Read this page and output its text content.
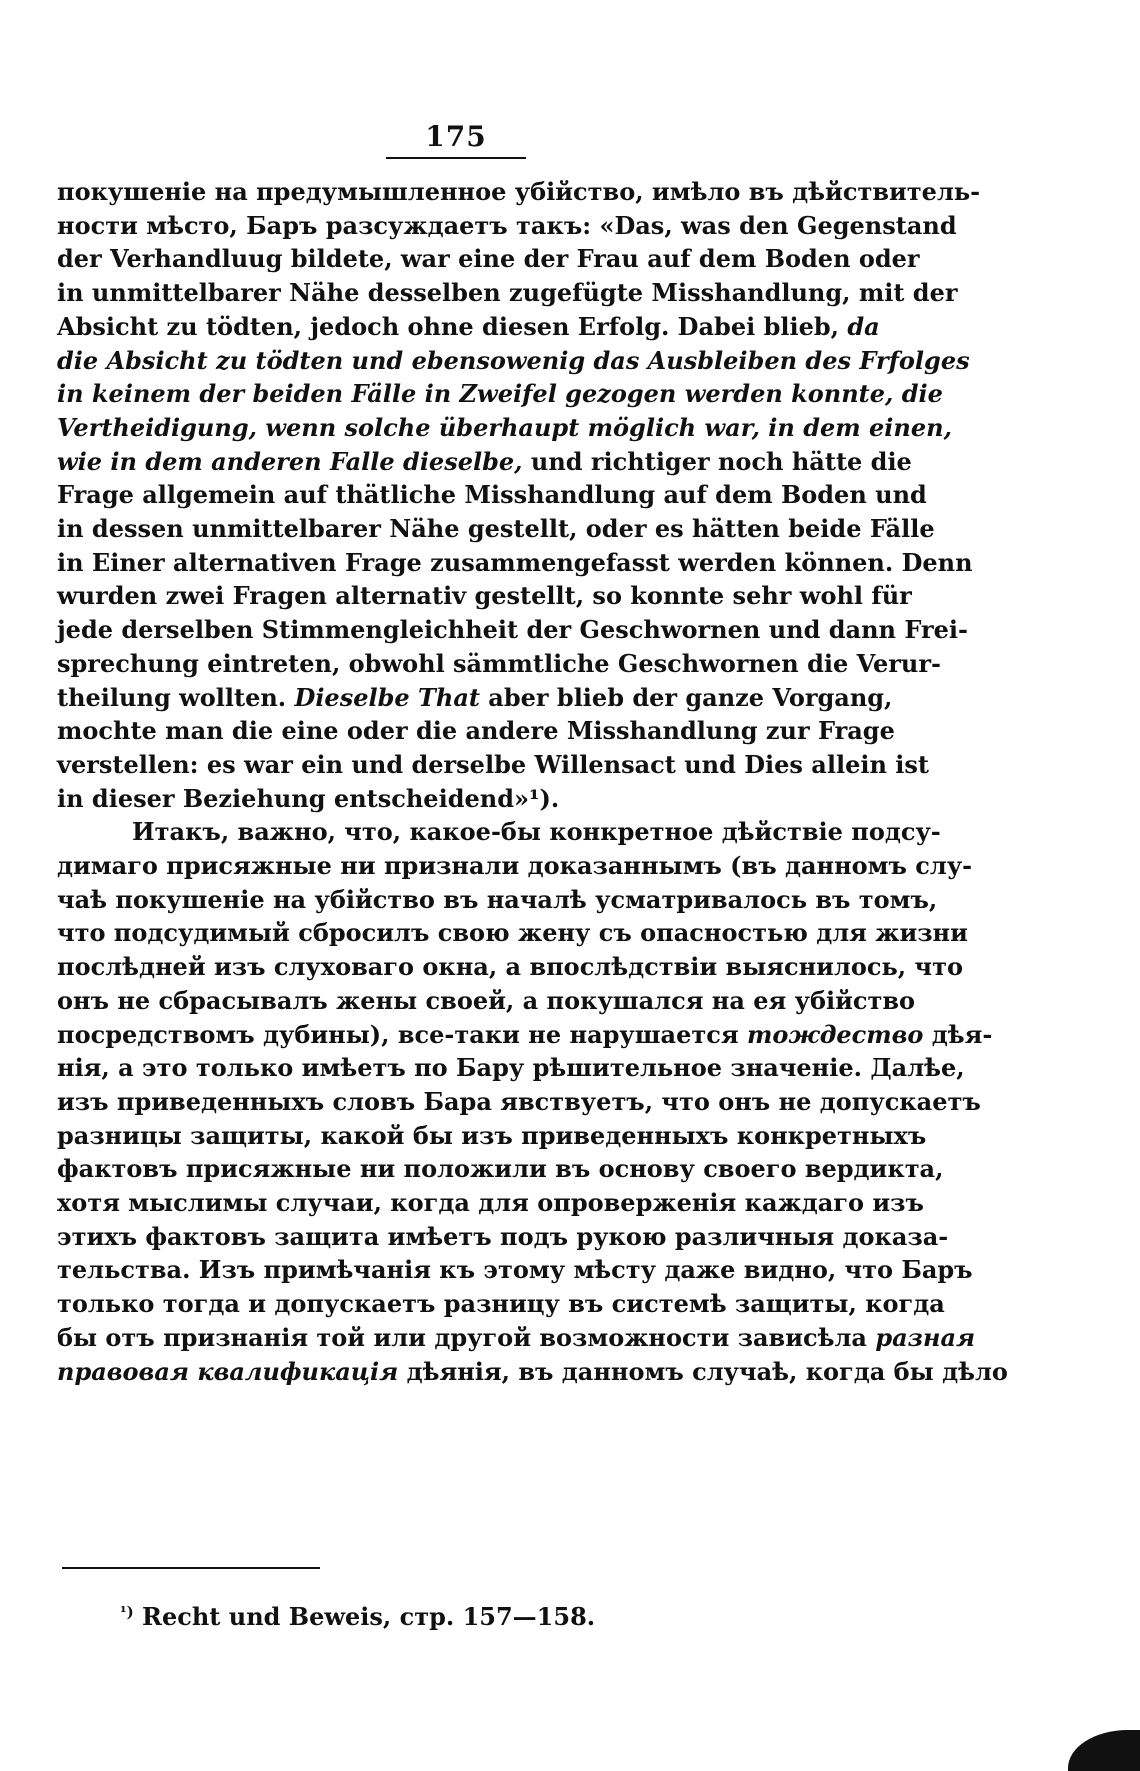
175
покушеніе на предумышленное убійство, имѣло въ дѣйствитель-
ности мѣсто, Баръ разсуждаетъ такъ: «Das, was den Gegenstand
der Verhandluug bildete, war eine der Frau auf dem Boden oder
in unmittelbarer Nähe desselben zugefügte Misshandlung, mit der
Absicht zu tödten, jedoch ohne diesen Erfolg. Dabei blieb, da
die Absicht zu tödten und ebensowenig das Ausbleiben des Frfolges
in keinem der beiden Fälle in Zweifel gezogen werden konnte, die
Vertheidigung, wenn solche überhaupt möglich war, in dem einen,
wie in dem anderen Falle dieselbe, und richtiger noch hätte die
Frage allgemein auf thätliche Misshandlung auf dem Boden und
in dessen unmittelbarer Nähe gestellt, oder es hätten beide Fälle
in Einer alternativen Frage zusammengefasst werden können. Denn
wurden zwei Fragen alternativ gestellt, so konnte sehr wohl für
jede derselben Stimmengleichheit der Geschwornen und dann Frei-
sprechung eintreten, obwohl sämmtliche Geschwornen die Verur-
theilung wollten. Dieselbe That aber blieb der ganze Vorgang,
mochte man die eine oder die andere Misshandlung zur Frage
verstellen: es war ein und derselbe Willensact und Dies allein ist
in dieser Beziehung entscheidend»¹).
Итакъ, важно, что, какое-бы конкретное дѣйствіе подсу-
димаго присяжные ни признали доказаннымъ (въ данномъ слу-
чаѣ покушеніе на убійство въ началѣ усматривалось въ томъ,
что подсудимый сбросилъ свою жену съ опасностью для жизни
послѣдней изъ слуховаго окна, а впослѣдствіи выяснилось, что
онъ не сбрасывалъ жены своей, а покушался на ея убійство
посредствомъ дубины), все-таки не нарушается тождество дѣя-
нія, а это только имѣетъ по Бару рѣшительное значеніе. Далѣе,
изъ приведенныхъ словъ Бара явствуетъ, что онъ не допускаетъ
разницы защиты, какой бы изъ приведенныхъ конкретныхъ
фактовъ присяжные ни положили въ основу своего вердикта,
хотя мыслимы случаи, когда для опроверженія каждаго изъ
этихъ фактовъ защита имѣетъ подъ рукою различныя доказа-
тельства. Изъ примѣчанія къ этому мѣсту даже видно, что Баръ
только тогда и допускаетъ разницу въ системѣ защиты, когда
бы отъ признанія той или другой возможности зависѣла разная
правовая квалификація дѣянія, въ данномъ случаѣ, когда бы дѣло
$^{^1)}$ Recht und Beweis, стр. 157—158.
